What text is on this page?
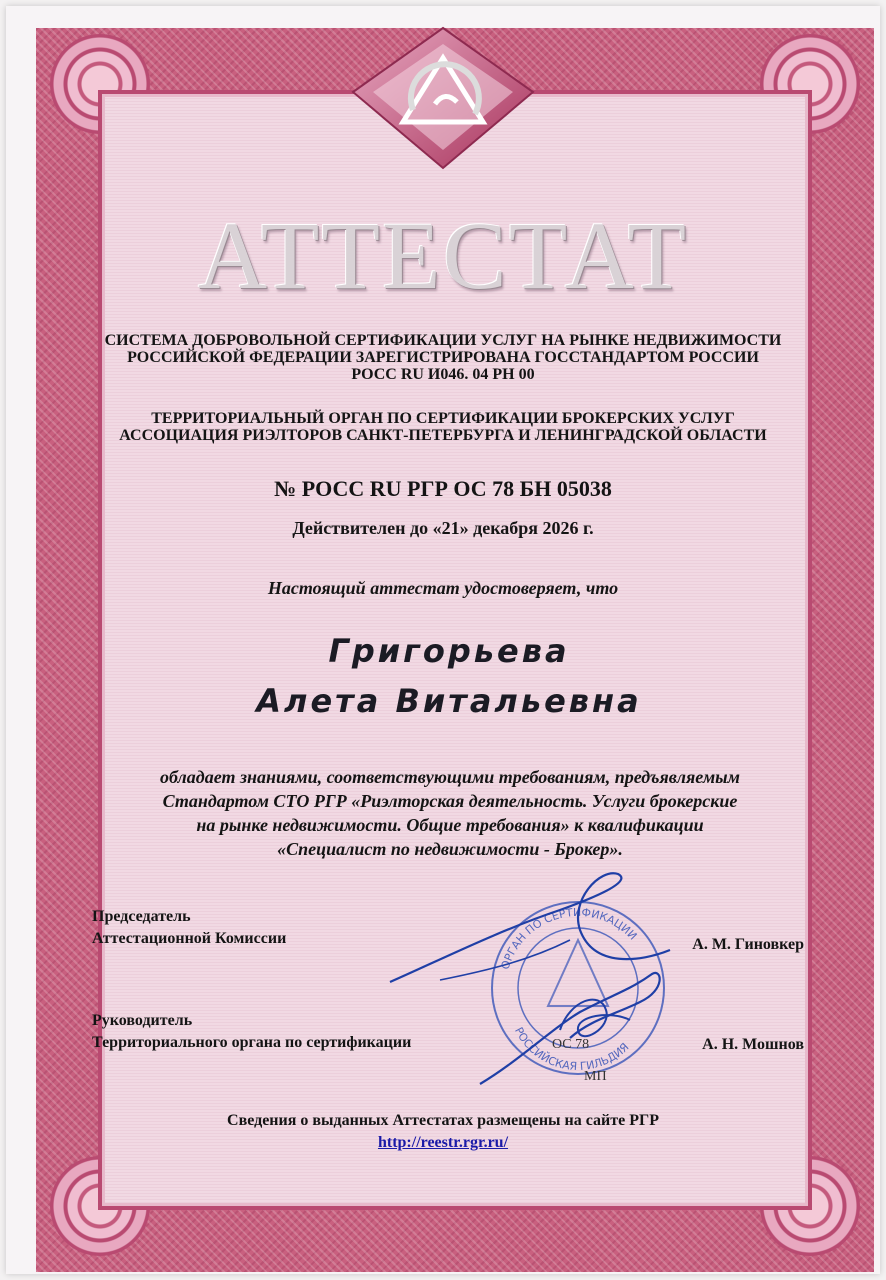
АТТЕСТАТ
СИСТЕМА ДОБРОВОЛЬНОЙ СЕРТИФИКАЦИИ УСЛУГ НА РЫНКЕ НЕДВИЖИМОСТИ
РОССИЙСКОЙ ФЕДЕРАЦИИ ЗАРЕГИСТРИРОВАНА ГОССТАНДАРТОМ РОССИИ
РОСС RU И046. 04 РН 00
ТЕРРИТОРИАЛЬНЫЙ ОРГАН ПО СЕРТИФИКАЦИИ БРОКЕРСКИХ УСЛУГ
АССОЦИАЦИЯ РИЭЛТОРОВ САНКТ-ПЕТЕРБУРГА И ЛЕНИНГРАДСКОЙ ОБЛАСТИ
№ РОСС RU РГР ОС 78 БН 05038
Действителен до «21» декабря 2026 г.
Настоящий аттестат удостоверяет, что
Григорьева
Алета Витальевна
обладает знаниями, соответствующими требованиям, предъявляемым
Стандартом СТО РГР «Риэлторская деятельность. Услуги брокерские
на рынке недвижимости. Общие требования» к квалификации
«Специалист по недвижимости - Брокер».
Председатель
Аттестационной Комиссии	А. М. Гиновкер
Руководитель
Территориального органа по сертификации	А. Н. Мошнов
ОРГАН ПО СЕРТИФИКАЦИИ
РОССИЙСКАЯ ГИЛЬДИЯ
ОС 78
МП
Сведения о выданных Аттестатах размещены на сайте РГР
http://reestr.rgr.ru/
